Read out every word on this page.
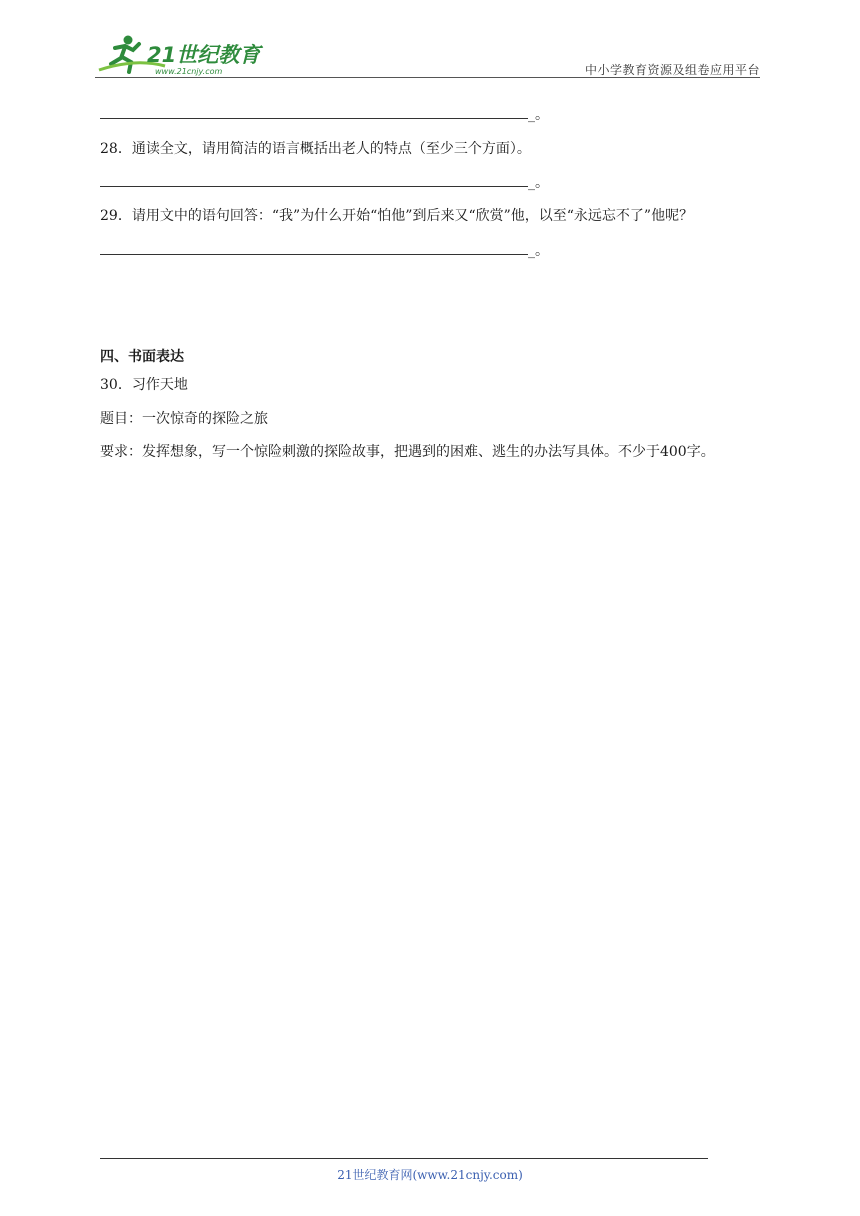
21世纪教育
www.21cnjy.com	中小学教育资源及组卷应用平台
_。
28．通读全文，请用简洁的语言概括出老人的特点（至少三个方面）。
_。
29．请用文中的语句回答：“我”为什么开始“怕他”到后来又“欣赏”他，以至“永远忘不了”他呢？
_。
四、书面表达
30．习作天地
题目：一次惊奇的探险之旅
要求：发挥想象，写一个惊险刺激的探险故事，把遇到的困难、逃生的办法写具体。不少于400字。
21世纪教育网(www.21cnjy.com)
